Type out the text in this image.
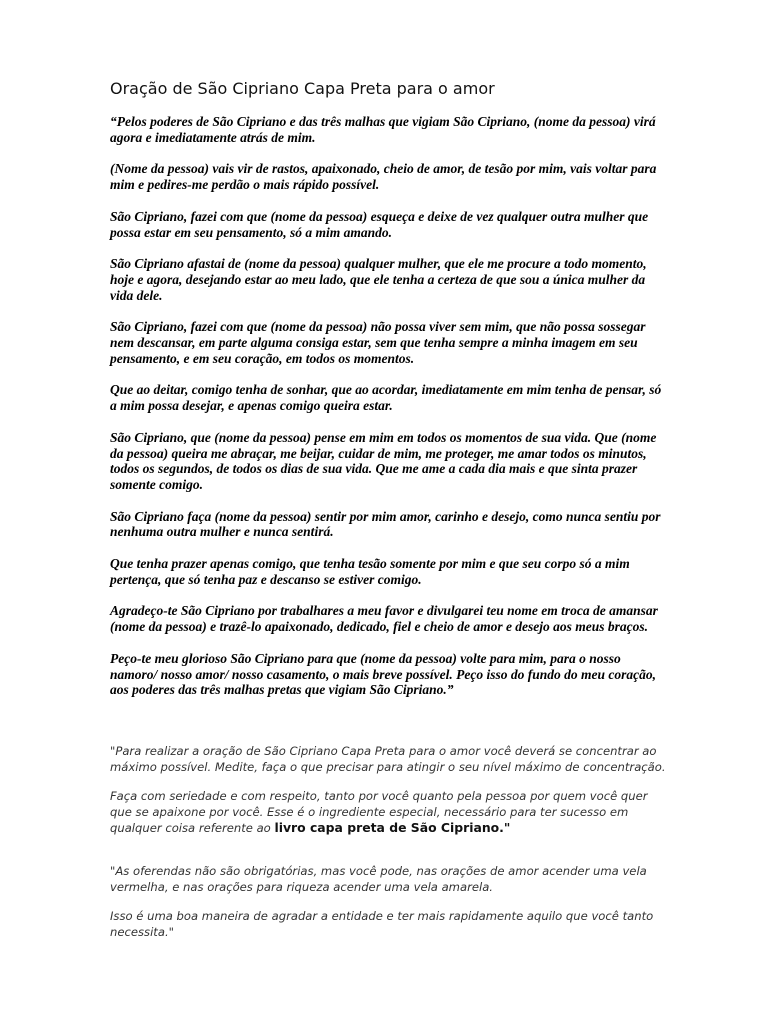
Oração de São Cipriano Capa Preta para o amor

“Pelos poderes de São Cipriano e das três malhas que vigiam São Cipriano, (nome da pessoa) virá agora e imediatamente atrás de mim.

(Nome da pessoa) vais vir de rastos, apaixonado, cheio de amor, de tesão por mim, vais voltar para mim e pedires-me perdão o mais rápido possível.

São Cipriano, fazei com que (nome da pessoa) esqueça e deixe de vez qualquer outra mulher que possa estar em seu pensamento, só a mim amando.

São Cipriano afastai de (nome da pessoa) qualquer mulher, que ele me procure a todo momento, hoje e agora, desejando estar ao meu lado, que ele tenha a certeza de que sou a única mulher da vida dele.

São Cipriano, fazei com que (nome da pessoa) não possa viver sem mim, que não possa sossegar nem descansar, em parte alguma consiga estar, sem que tenha sempre a minha imagem em seu pensamento, e em seu coração, em todos os momentos.

Que ao deitar, comigo tenha de sonhar, que ao acordar, imediatamente em mim tenha de pensar, só a mim possa desejar, e apenas comigo queira estar.

São Cipriano, que (nome da pessoa) pense em mim em todos os momentos de sua vida. Que (nome da pessoa) queira me abraçar, me beijar, cuidar de mim, me proteger, me amar todos os minutos, todos os segundos, de todos os dias de sua vida. Que me ame a cada dia mais e que sinta prazer somente comigo.

São Cipriano faça (nome da pessoa) sentir por mim amor, carinho e desejo, como nunca sentiu por nenhuma outra mulher e nunca sentirá.

Que tenha prazer apenas comigo, que tenha tesão somente por mim e que seu corpo só a mim pertença, que só tenha paz e descanso se estiver comigo.

Agradeço-te São Cipriano por trabalhares a meu favor e divulgarei teu nome em troca de amansar (nome da pessoa) e trazê-lo apaixonado, dedicado, fiel e cheio de amor e desejo aos meus braços.

Peço-te meu glorioso São Cipriano para que (nome da pessoa) volte para mim, para o nosso namoro/ nosso amor/ nosso casamento, o mais breve possível. Peço isso do fundo do meu coração, aos poderes das três malhas pretas que vigiam São Cipriano.”

"Para realizar a oração de São Cipriano Capa Preta para o amor você deverá se concentrar ao máximo possível. Medite, faça o que precisar para atingir o seu nível máximo de concentração.

Faça com seriedade e com respeito, tanto por você quanto pela pessoa por quem você quer que se apaixone por você. Esse é o ingrediente especial, necessário para ter sucesso em qualquer coisa referente ao livro capa preta de São Cipriano."

"As oferendas não são obrigatórias, mas você pode, nas orações de amor acender uma vela vermelha, e nas orações para riqueza acender uma vela amarela.

Isso é uma boa maneira de agradar a entidade e ter mais rapidamente aquilo que você tanto necessita."
